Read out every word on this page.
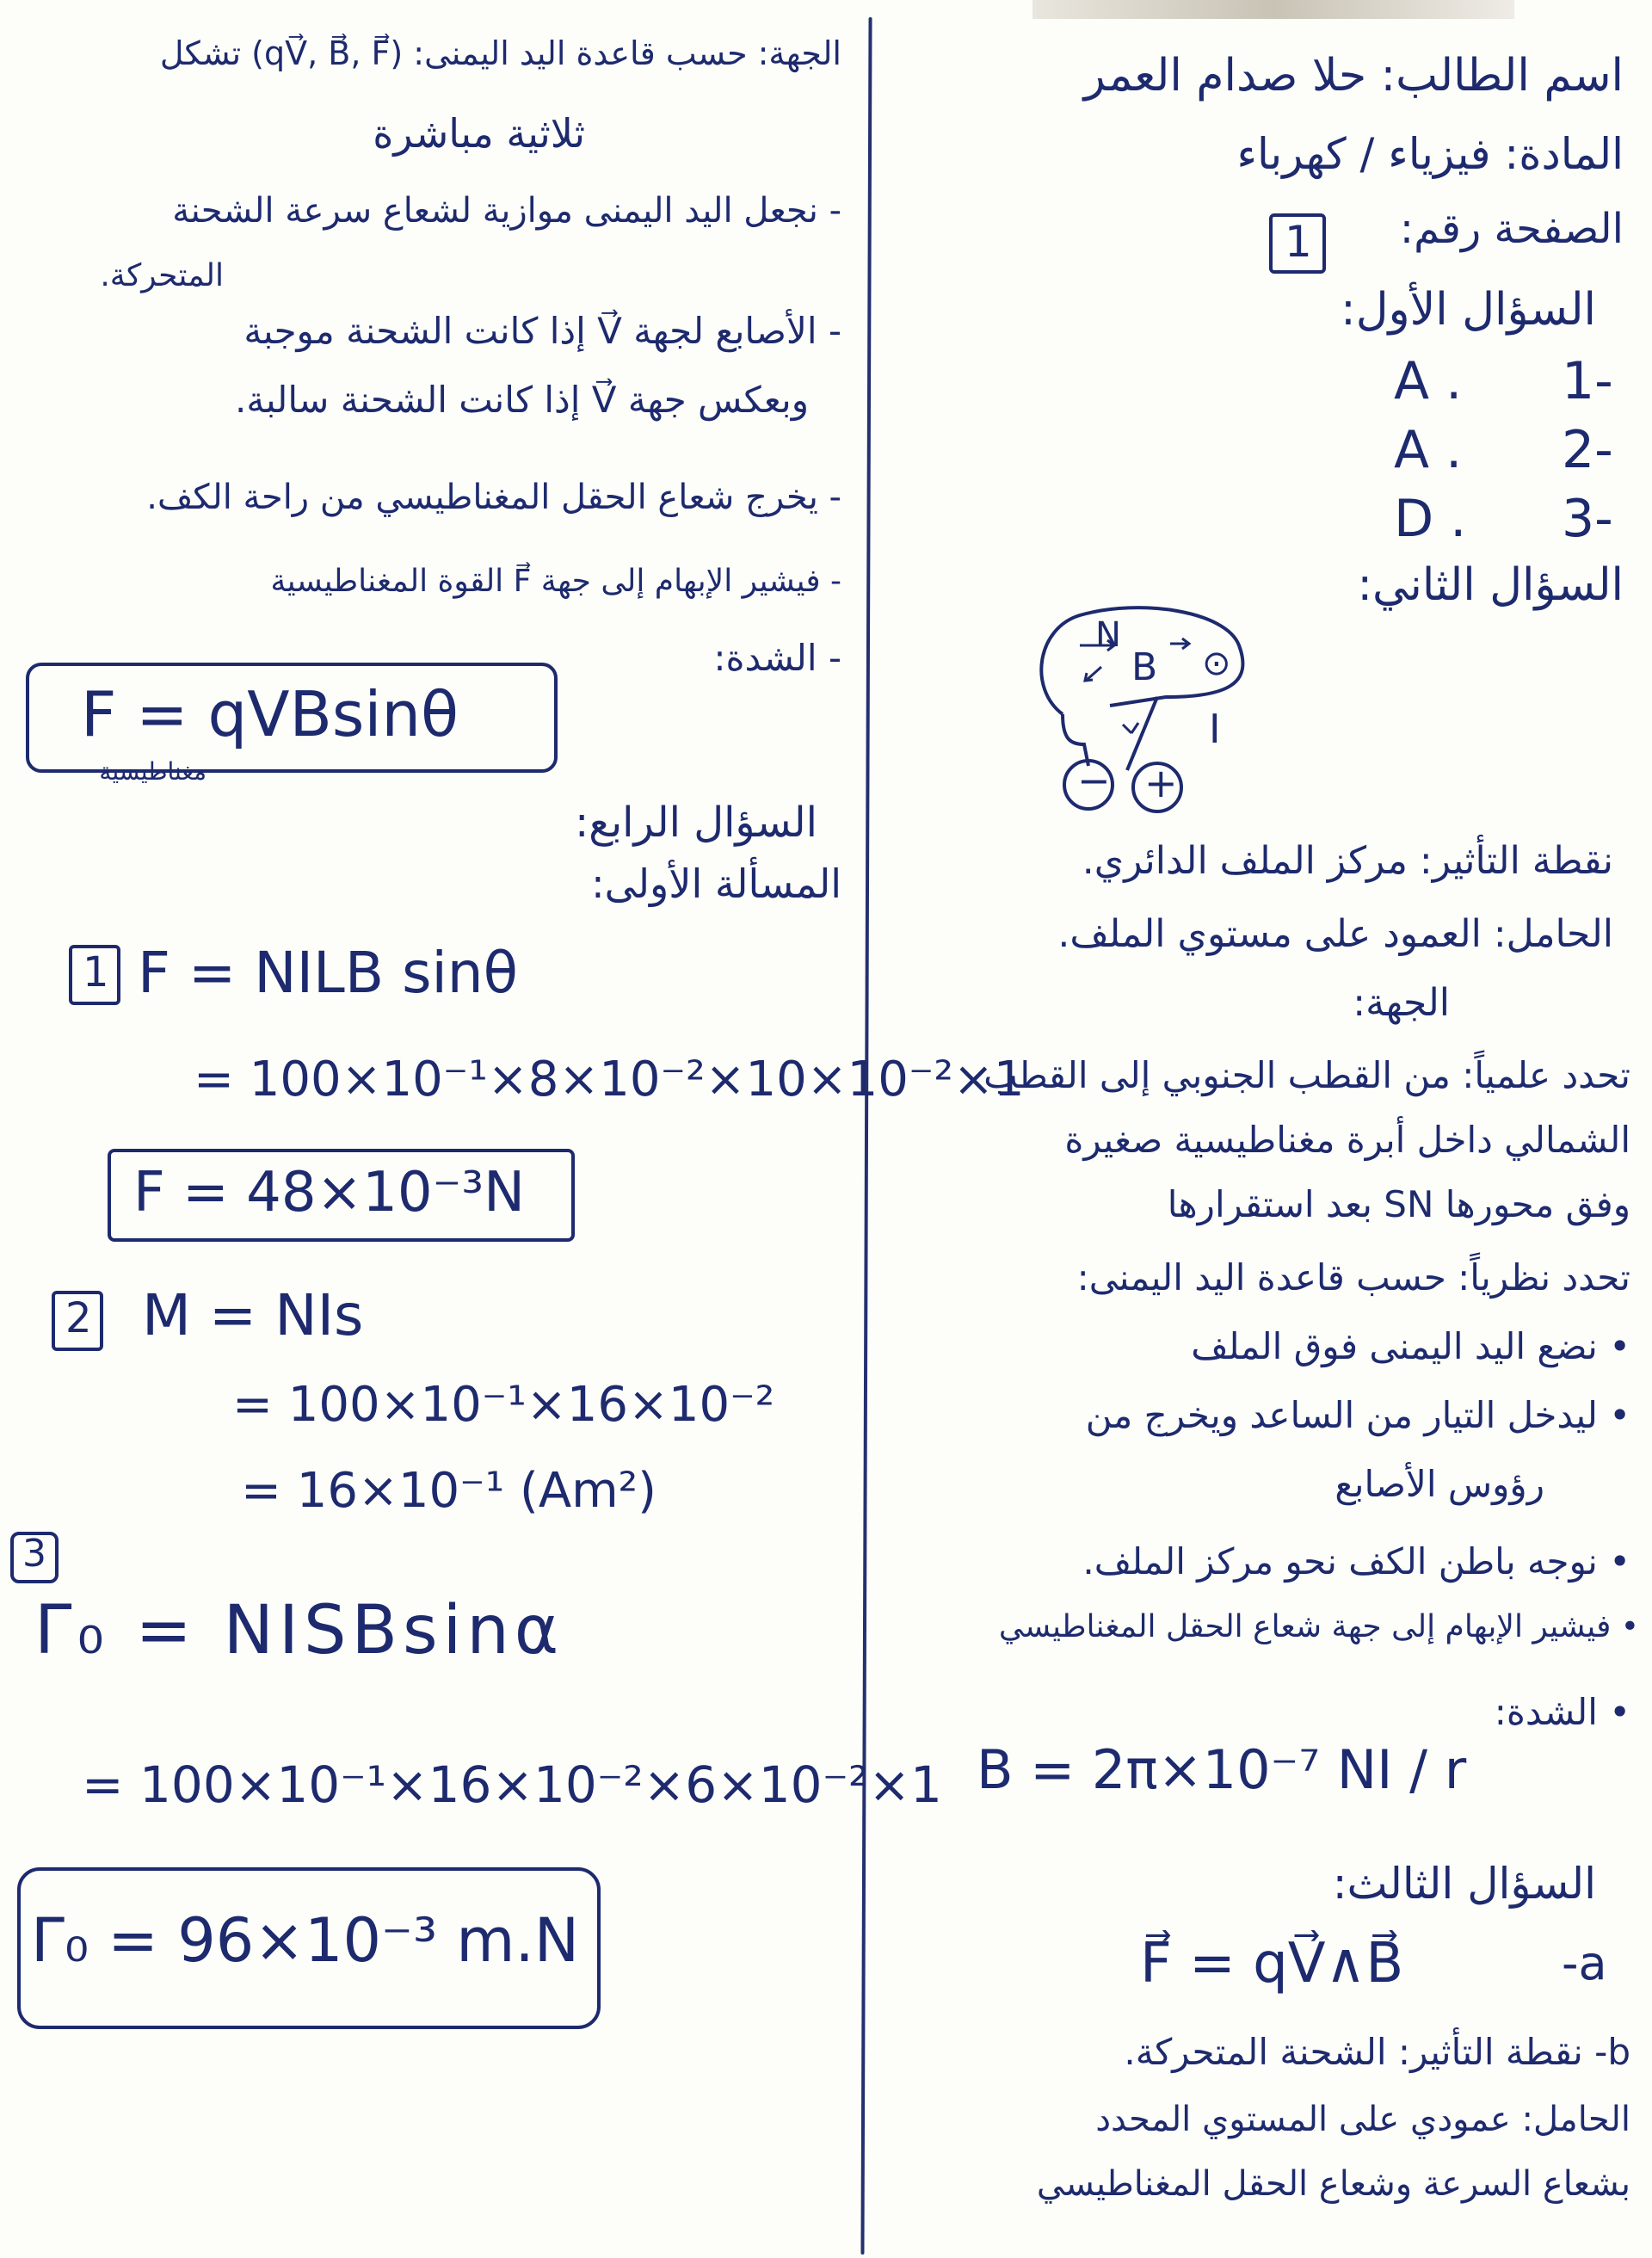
اسم الطالب: حلا صدام العمر
المادة: فيزياء / كهرباء
الصفحة رقم:
1
السؤال الأول:
A . 1-
A . 2-
D . 3-
السؤال الثاني:
N
B ⊙
I
− +
نقطة التأثير: مركز الملف الدائري.
الحامل: العمود على مستوي الملف.
الجهة:
تحدد علمياً: من القطب الجنوبي إلى القطب
الشمالي داخل أبرة مغناطيسية صغيرة
وفق محورها SN بعد استقرارها
تحدد نظرياً: حسب قاعدة اليد اليمنى:
• نضع اليد اليمنى فوق الملف
• ليدخل التيار من الساعد ويخرج من
رؤوس الأصابع
• نوجه باطن الكف نحو مركز الملف.
• فيشير الإبهام إلى جهة شعاع الحقل المغناطيسي
• الشدة:
B = 2π×10⁻⁷ NI / r
السؤال الثالث:
F⃗ = qV⃗∧B⃗	-a
b- نقطة التأثير: الشحنة المتحركة.
الحامل: عمودي على المستوي المحدد
بشعاع السرعة وشعاع الحقل المغناطيسي
الجهة: حسب قاعدة اليد اليمنى: (qV⃗, B⃗, F⃗) تشكل
ثلاثية مباشرة
- نجعل اليد اليمنى موازية لشعاع سرعة الشحنة
المتحركة.
- الأصابع لجهة V⃗ إذا كانت الشحنة موجبة
وبعكس جهة V⃗ إذا كانت الشحنة سالبة.
- يخرج شعاع الحقل المغناطيسي من راحة الكف.
- فيشير الإبهام إلى جهة F⃗ القوة المغناطيسية
- الشدة:
F = qVBsinθ
مغناطيسية
السؤال الرابع:
المسألة الأولى:
1 F = NILB sinθ
= 100×10⁻¹×8×10⁻²×10×10⁻²×1
F = 48×10⁻³N
2 M = NIs
= 100×10⁻¹×16×10⁻²
= 16×10⁻¹ (Am²)
3
Γ₀ = NISBsinα
= 100×10⁻¹×16×10⁻²×6×10⁻²×1
Γ₀ = 96×10⁻³ m.N
